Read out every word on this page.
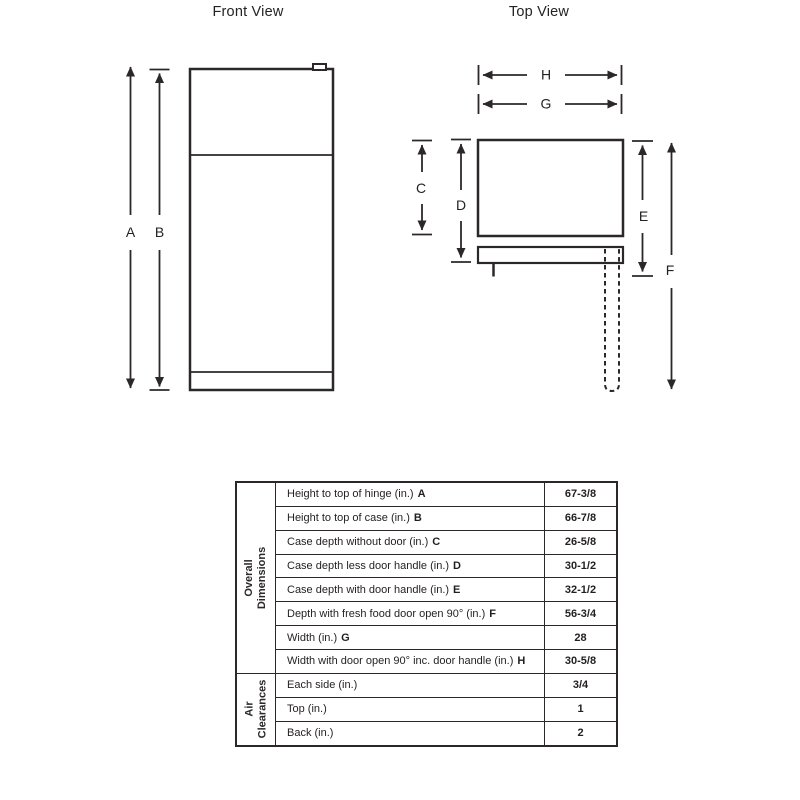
Front View	Top View
A B
C
D
E
F
G
H
Overall Dimensions
Height to top of hinge (in.) A	67-3/8
Height to top of case (in.) B	66-7/8
Case depth without door (in.) C	26-5/8
Case depth less door handle (in.) D	30-1/2
Case depth with door handle (in.) E	32-1/2
Depth with fresh food door open 90° (in.) F	56-3/4
Width (in.) G	28
Width with door open 90° inc. door handle (in.) H	30-5/8
Air Clearances Each side (in.)	3/4
Top (in.)	1
Back (in.)	2
